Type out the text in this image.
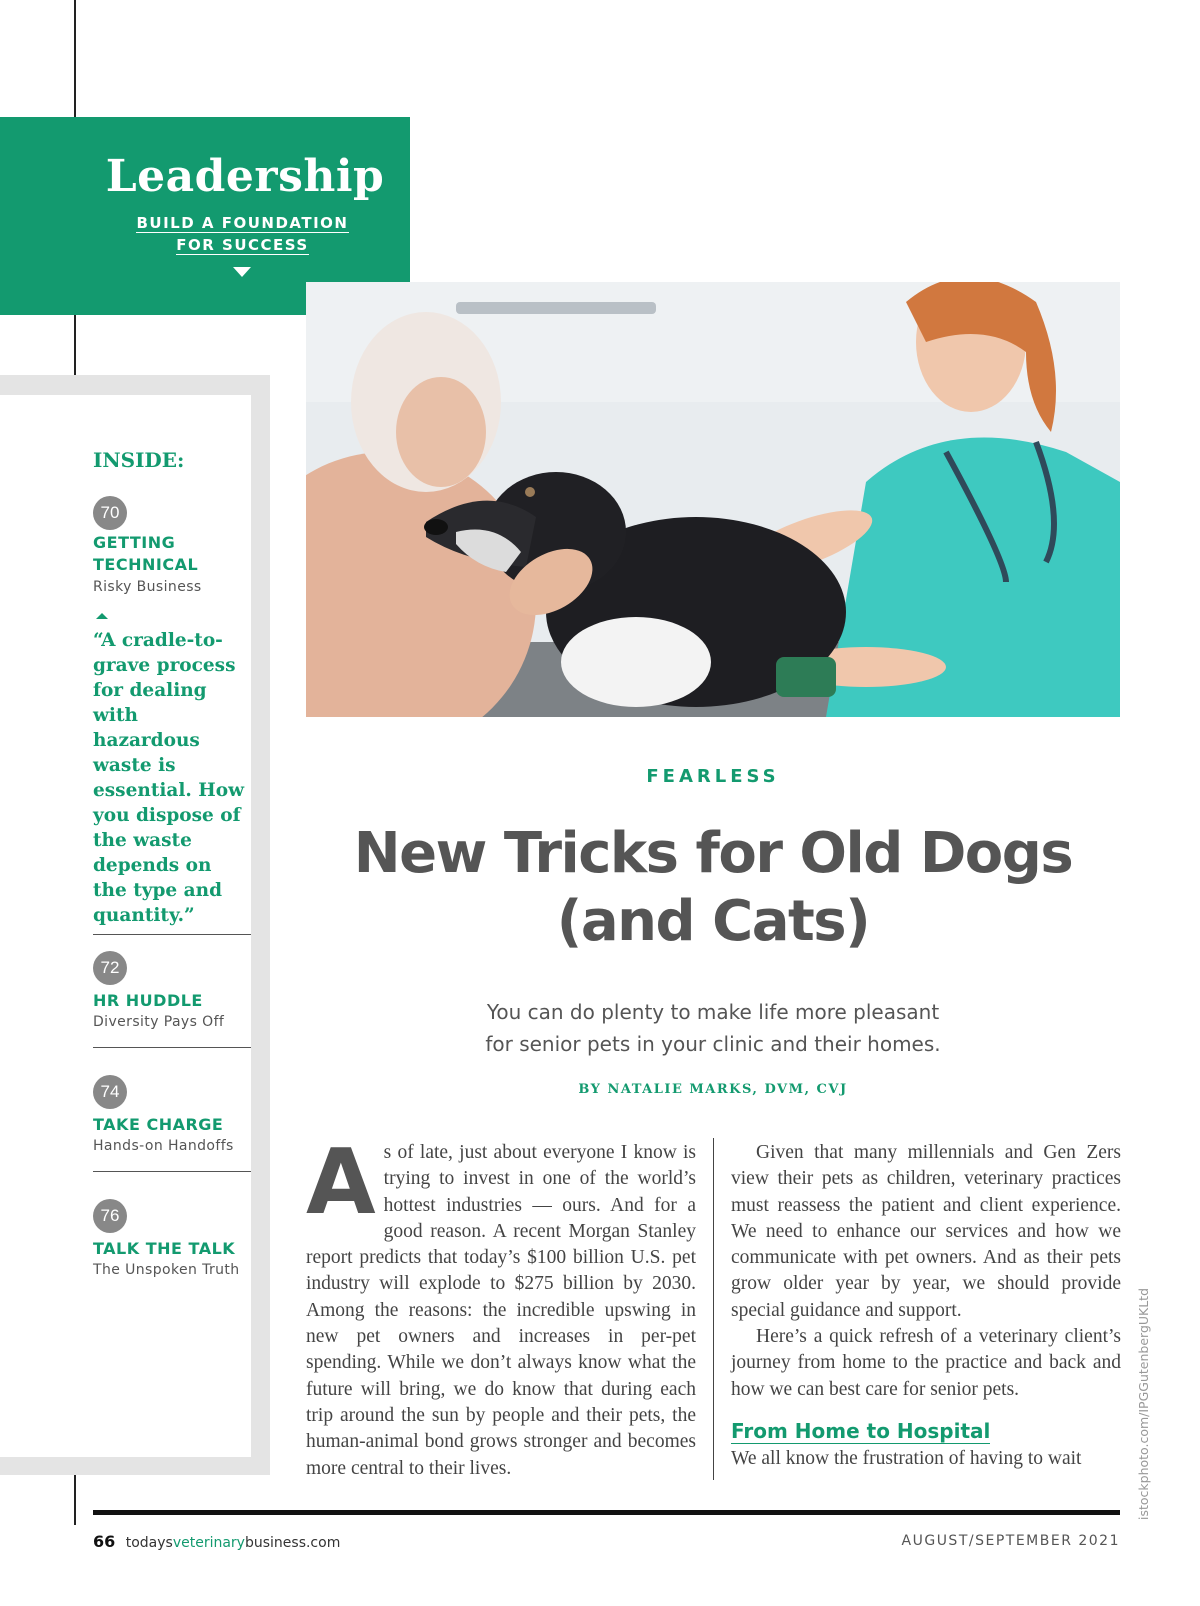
Leadership
BUILD A FOUNDATION
FOR SUCCESS
INSIDE:
70
GETTING
TECHNICAL
Risky Business
“A cradle-to-grave process for dealing with hazardous waste is essential. How you dispose of the waste depends on the type and quantity.”
72
HR HUDDLE
Diversity Pays Off
74
TAKE CHARGE
Hands-on Handoffs
76
TALK THE TALK
The Unspoken Truth
FEARLESS
New Tricks for Old Dogs
(and Cats)
You can do plenty to make life more pleasant
for senior pets in your clinic and their homes.
BY NATALIE MARKS, DVM, CVJ
A s of late, just about everyone I know is trying to invest in one of the world’s hottest industries — ours. And for a good reason. A recent Morgan Stanley report predicts that today’s $100 billion U.S. pet industry will explode to $275 billion by 2030. Among the reasons: the incredible upswing in new pet owners and increases in per-pet spending. While we don’t always know what the future will bring, we do know that during each trip around the sun by people and their pets, the human-animal bond grows stronger and becomes more central to their lives.

Given that many millennials and Gen Zers view their pets as children, veterinary practices must reassess the patient and client experience. We need to enhance our services and how we communicate with pet owners. And as their pets grow older year by year, we should provide special guidance and support.

Here’s a quick refresh of a veterinary client’s journey from home to the practice and back and how we can best care for senior pets.

From Home to Hospital

We all know the frustration of having to wait	istockphoto.com/IPGGutenbergUKLtd
66 todaysveterinarybusiness.com	AUGUST/SEPTEMBER 2021
